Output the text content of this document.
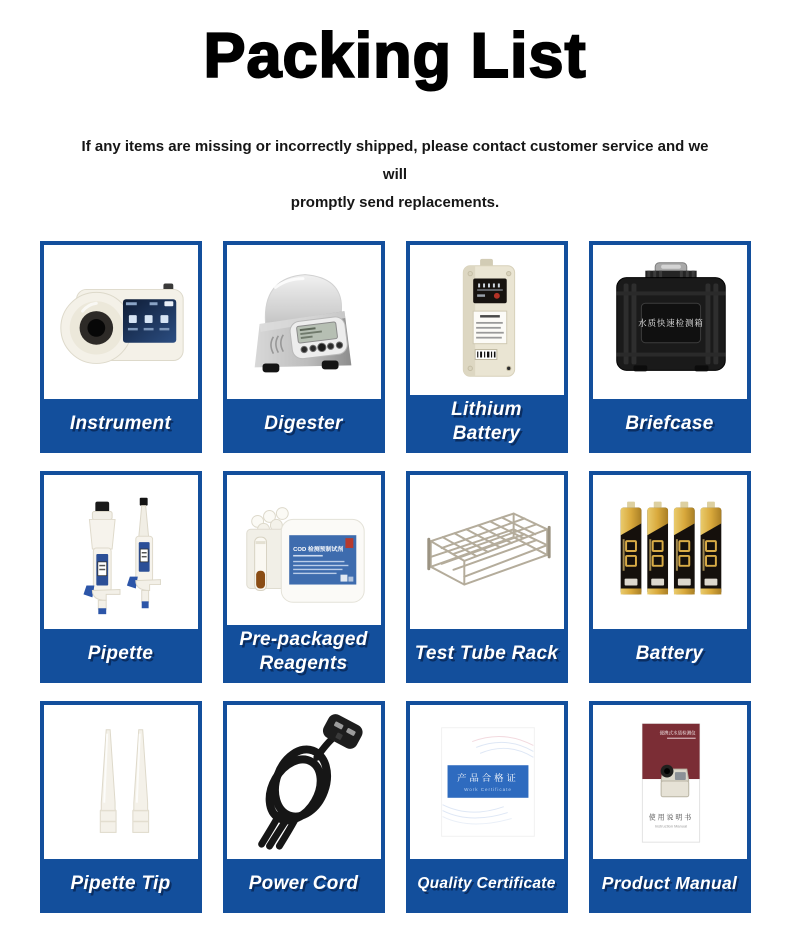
Packing List
If any items are missing or incorrectly shipped, please contact customer service and we will
promptly send replacements.
Instrument	Digester
Lithium Battery
水质快速检测箱
Briefcase
Pipette
COD 检测预制试剂
Pre-packaged Reagents	Test Tube Rack	Battery
Pipette Tip	Power Cord
产品合格证
Work Certificate
Quality Certificate
便携式水质检测仪
使用说明书
Instruction Manual
Product Manual
